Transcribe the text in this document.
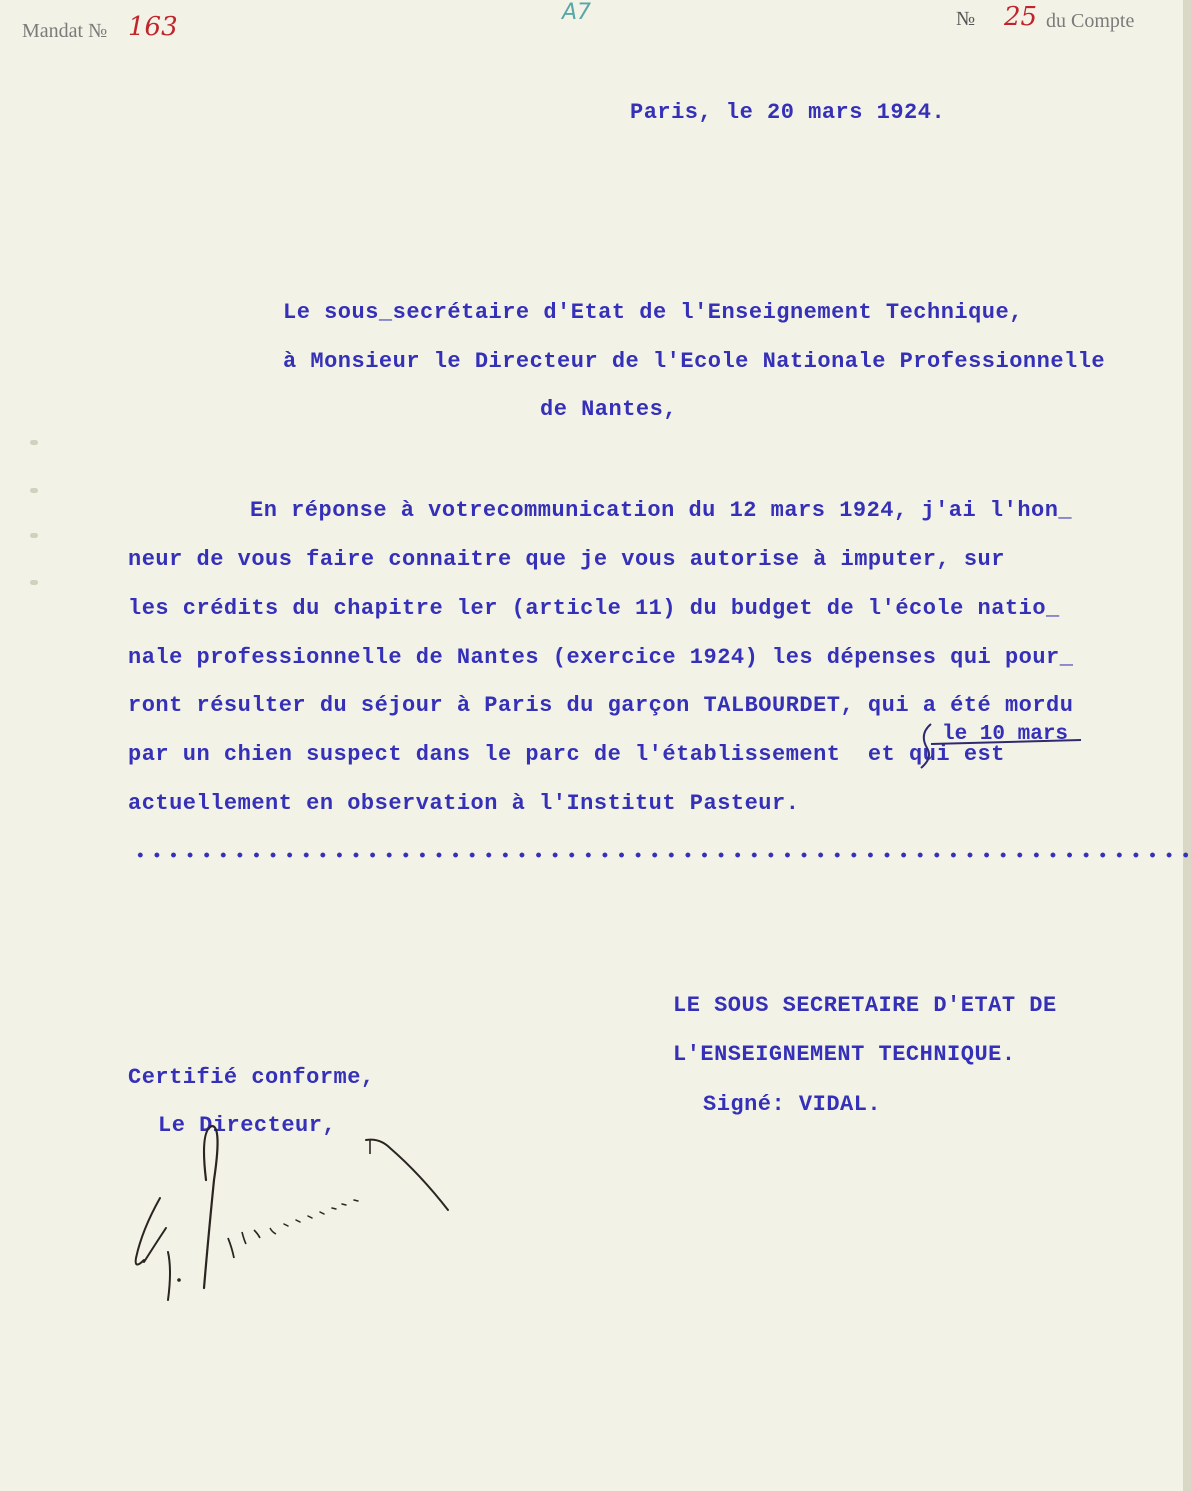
Mandat № 163	A7	№ 25 du Compte
Paris, le 20 mars 1924.
Le sous_secrétaire d'Etat de l'Enseignement Technique,
à Monsieur le Directeur de l'Ecole Nationale Professionnelle
de Nantes,
En réponse à votrecommunication du 12 mars 1924, j'ai l'hon_
neur de vous faire connaitre que je vous autorise à imputer, sur
les crédits du chapitre ler (article 11) du budget de l'école natio_
nale professionnelle de Nantes (exercice 1924) les dépenses qui pour_
ront résulter du séjour à Paris du garçon TALBOURDET, qui a été mordu
par un chien suspect dans le parc de l'établissement  et qui est
actuellement en observation à l'Institut Pasteur.
le 10 mars
LE SOUS SECRETAIRE D'ETAT DE
L'ENSEIGNEMENT TECHNIQUE.
Signé: VIDAL.
Certifié conforme,
Le Directeur,
